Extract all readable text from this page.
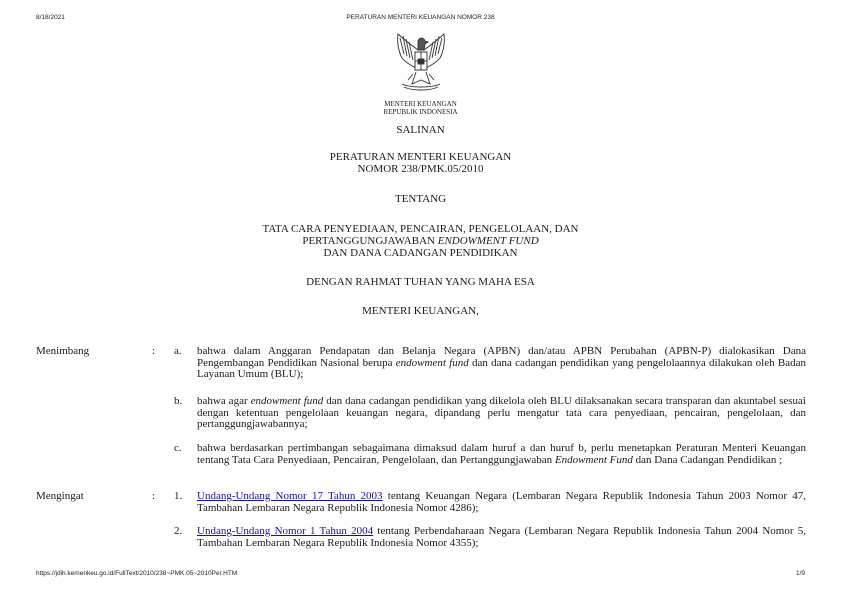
8/18/2021	PERATURAN MENTERI KEUANGAN NOMOR 238
MENTERI KEUANGAN
REPUBLIK INDONESIA
SALINAN
PERATURAN MENTERI KEUANGAN
NOMOR 238/PMK.05/2010
TENTANG
TATA CARA PENYEDIAAN, PENCAIRAN, PENGELOLAAN, DAN
PERTANGGUNGJAWABAN ENDOWMENT FUND
DAN DANA CADANGAN PENDIDIKAN
DENGAN RAHMAT TUHAN YANG MAHA ESA
MENTERI KEUANGAN,
Menimbang	: a. bahwa dalam Anggaran Pendapatan dan Belanja Negara (APBN) dan/atau APBN Perubahan (APBN-P) dialokasikan Dana Pengembangan Pendidikan Nasional berupa endowment fund dan dana cadangan pendidikan yang pengelolaannya dilakukan oleh Badan Layanan Umum (BLU);
b. bahwa agar endowment fund dan dana cadangan pendidikan yang dikelola oleh BLU dilaksanakan secara transparan dan akuntabel sesuai dengan ketentuan pengelolaan keuangan negara, dipandang perlu mengatur tata cara penyediaan, pencairan, pengelolaan, dan pertanggungjawabannya;
c. bahwa berdasarkan pertimbangan sebagaimana dimaksud dalam huruf a dan huruf b, perlu menetapkan Peraturan Menteri Keuangan tentang Tata Cara Penyediaan, Pencairan, Pengelolaan, dan Pertanggungjawaban Endowment Fund dan Dana Cadangan Pendidikan ;
Mengingat	: 1. Undang-Undang Nomor 17 Tahun 2003 tentang Keuangan Negara (Lembaran Negara Republik Indonesia Tahun 2003 Nomor 47, Tambahan Lembaran Negara Republik Indonesia Nomor 4286);
2. Undang-Undang Nomor 1 Tahun 2004 tentang Perbendaharaan Negara (Lembaran Negara Republik Indonesia Tahun 2004 Nomor 5, Tambahan Lembaran Negara Republik Indonesia Nomor 4355);
https://jdih.kemenkeu.go.id/FullText/2010/238~PMK.05~2010Per.HTM	1/9
